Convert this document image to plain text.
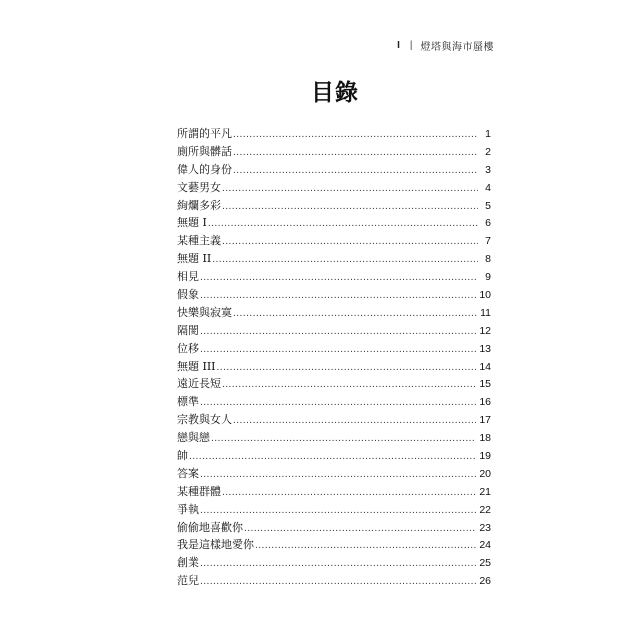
I | 燈塔與海市蜃樓
目錄
所謂的平凡 .....	1
廁所與髒話 .....	2
偉人的身份 .....	3
文藝男女 .....	4
絢爛多彩 .....	5
無題 I .....	6
某種主義 .....	7
無題 II .....	8
相見 .....	9
假象 .....	10
快樂與寂寞 .....	11
隔閡 .....	12
位移 .....	13
無題 III .....	14
遠近長短 .....	15
標準 .....	16
宗教與女人 .....	17
戀與戀 .....	18
帥 .....	19
答案 .....	20
某種群體 .....	21
爭執 .....	22
偷偷地喜歡你 .....	23
我是這樣地愛你 .....	24
創業 .....	25
范兒 .....	26
